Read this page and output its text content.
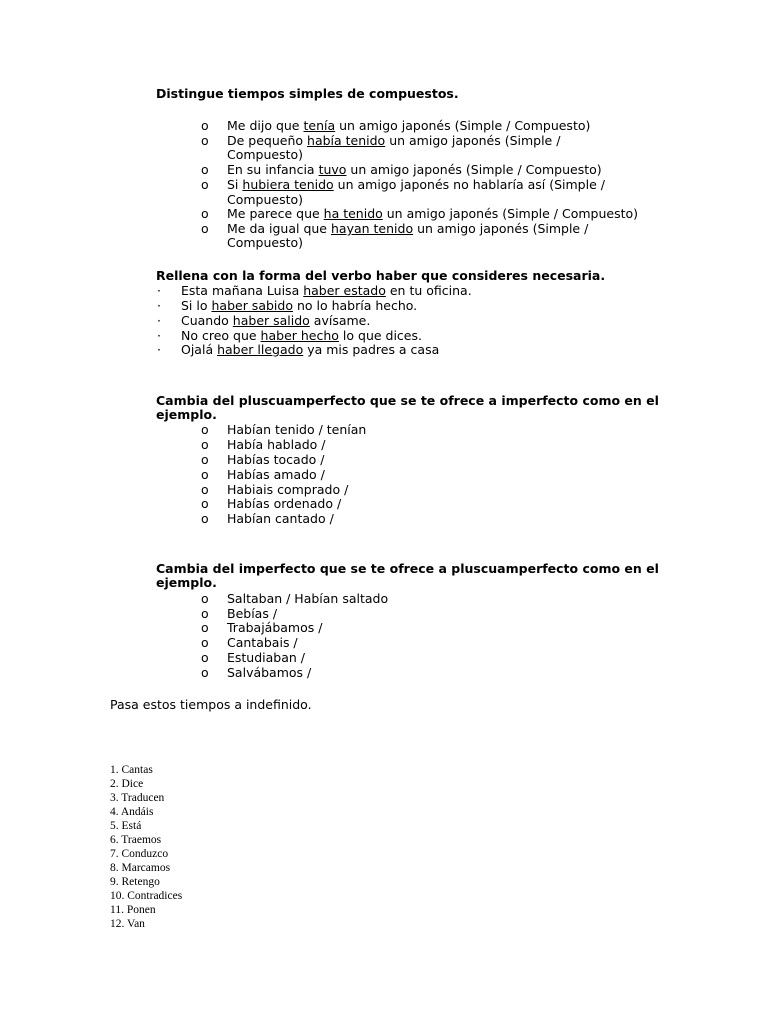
Distingue tiempos simples de compuestos.
o Me dijo que tenía un amigo japonés (Simple / Compuesto)
o De pequeño había tenido un amigo japonés (Simple /
Compuesto)
o En su infancia tuvo un amigo japonés (Simple / Compuesto)
o Si hubiera tenido un amigo japonés no hablaría así (Simple /
Compuesto)
o Me parece que ha tenido un amigo japonés (Simple / Compuesto)
o Me da igual que hayan tenido un amigo japonés (Simple /
Compuesto)
Rellena con la forma del verbo haber que consideres necesaria.
· Esta mañana Luisa haber estado en tu oficina.
· Si lo haber sabido no lo habría hecho.
· Cuando haber salido avísame.
· No creo que haber hecho lo que dices.
· Ojalá haber llegado ya mis padres a casa
Cambia del pluscuamperfecto que se te ofrece a imperfecto como en el ejemplo.
o Habían tenido / tenían
o Había hablado /
o Habías tocado /
o Habías amado /
o Habiais comprado /
o Habías ordenado /
o Habían cantado /
Cambia del imperfecto que se te ofrece a pluscuamperfecto como en el ejemplo.
o Saltaban / Habían saltado
o Bebías /
o Trabajábamos /
o Cantabais /
o Estudiaban /
o Salvábamos /
Pasa estos tiempos a indefinido.
1. Cantas
2. Dice
3. Traducen
4. Andáis
5. Está
6. Traemos
7. Conduzco
8. Marcamos
9. Retengo
10. Contradices
11. Ponen
12. Van
